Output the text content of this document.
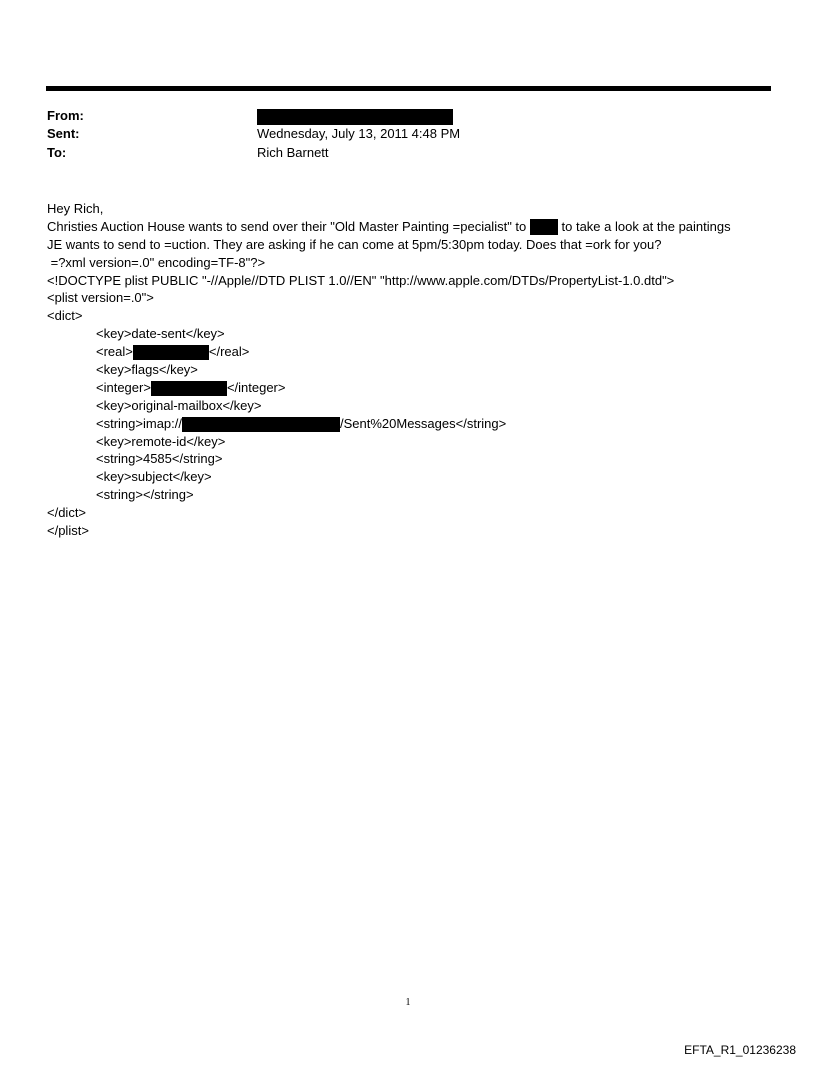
From:
Sent:	Wednesday, July 13, 2011 4:48 PM
To:	Rich Barnett
Hey Rich,
Christies Auction House wants to send over their "Old Master Painting =pecialist" to  to take a look at the paintings
JE wants to send to =uction. They are asking if he can come at 5pm/5:30pm today. Does that =ork for you?
=?xml version=.0" encoding=TF-8"?>
<!DOCTYPE plist PUBLIC "-//Apple//DTD PLIST 1.0//EN" "http://www.apple.com/DTDs/PropertyList-1.0.dtd">
<plist version=.0">
<dict>
<key>date-sent</key>
<real>	</real>
<key>flags</key>
<integer>	</integer>
<key>original-mailbox</key>
<string>imap://	/Sent%20Messages</string>
<key>remote-id</key>
<string>4585</string>
<key>subject</key>
<string></string>
</dict>
</plist>
1
EFTA_R1_01236238
